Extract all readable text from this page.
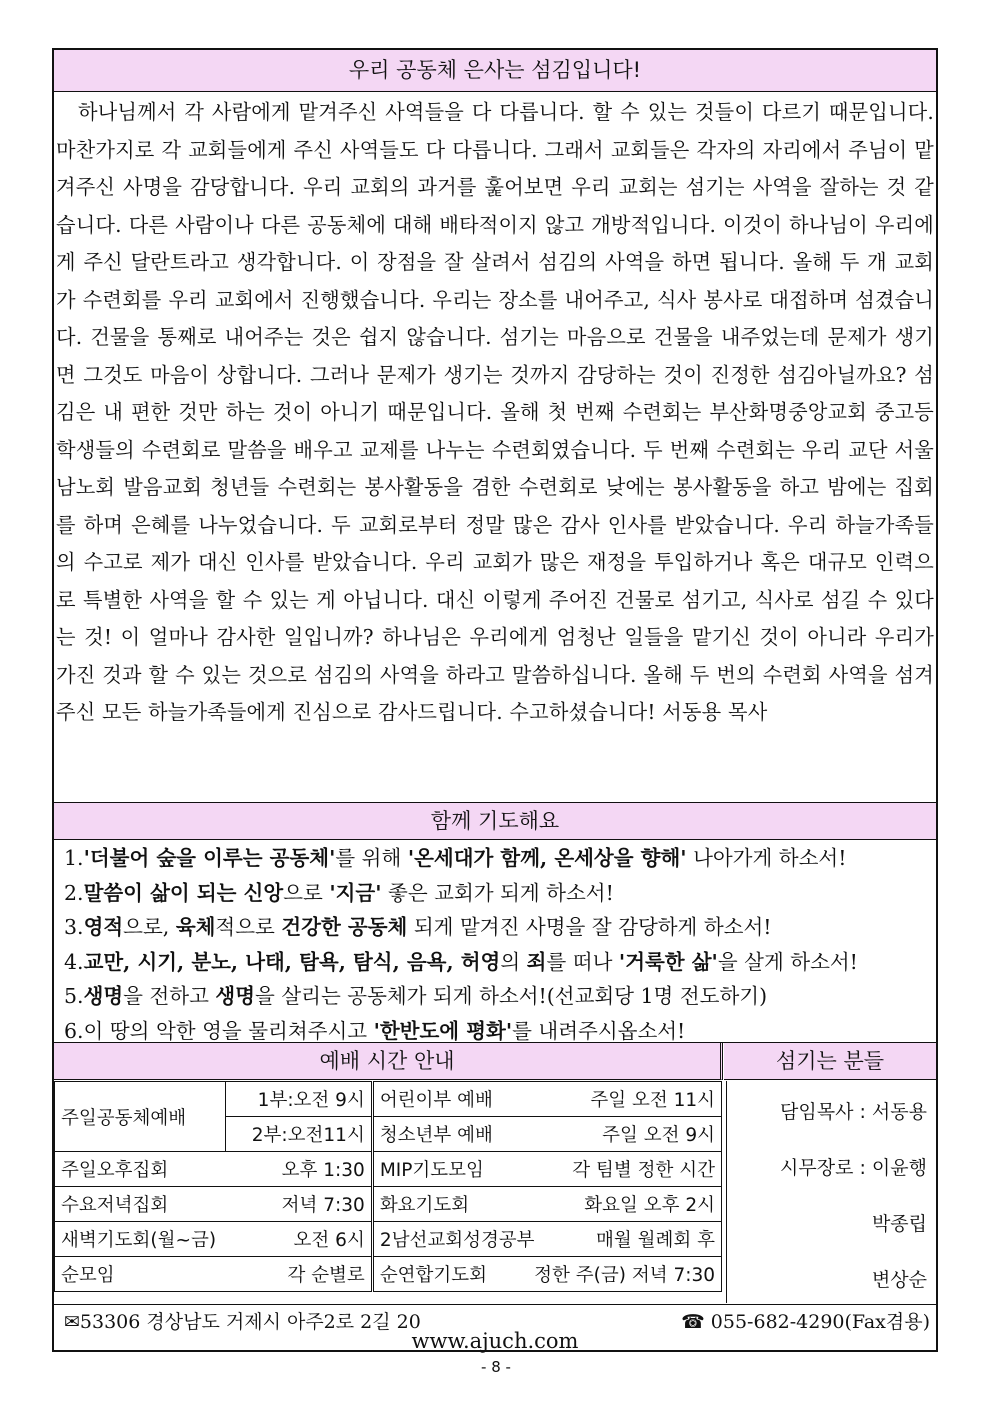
우리 공동체 은사는 섬김입니다!

하나님께서 각 사람에게 맡겨주신 사역들을 다 다릅니다. 할 수 있는 것들이 다르기 때문입니다. 마찬가지로 각 교회들에게 주신 사역들도 다 다릅니다. 그래서 교회들은 각자의 자리에서 주님이 맡겨주신 사명을 감당합니다. 우리 교회의 과거를 훑어보면 우리 교회는 섬기는 사역을 잘하는 것 같습니다. 다른 사람이나 다른 공동체에 대해 배타적이지 않고 개방적입니다. 이것이 하나님이 우리에게 주신 달란트라고 생각합니다. 이 장점을 잘 살려서 섬김의 사역을 하면 됩니다. 올해 두 개 교회가 수련회를 우리 교회에서 진행했습니다. 우리는 장소를 내어주고, 식사 봉사로 대접하며 섬겼습니다. 건물을 통째로 내어주는 것은 쉽지 않습니다. 섬기는 마음으로 건물을 내주었는데 문제가 생기면 그것도 마음이 상합니다. 그러나 문제가 생기는 것까지 감당하는 것이 진정한 섬김아닐까요? 섬김은 내 편한 것만 하는 것이 아니기 때문입니다. 올해 첫 번째 수련회는 부산화명중앙교회 중고등학생들의 수련회로 말씀을 배우고 교제를 나누는 수련회였습니다. 두 번째 수련회는 우리 교단 서울남노회 발음교회 청년들 수련회는 봉사활동을 겸한 수련회로 낮에는 봉사활동을 하고 밤에는 집회를 하며 은혜를 나누었습니다. 두 교회로부터 정말 많은 감사 인사를 받았습니다. 우리 하늘가족들의 수고로 제가 대신 인사를 받았습니다. 우리 교회가 많은 재정을 투입하거나 혹은 대규모 인력으로 특별한 사역을 할 수 있는 게 아닙니다. 대신 이렇게 주어진 건물로 섬기고, 식사로 섬길 수 있다는 것! 이 얼마나 감사한 일입니까? 하나님은 우리에게 엄청난 일들을 맡기신 것이 아니라 우리가 가진 것과 할 수 있는 것으로 섬김의 사역을 하라고 말씀하십니다. 올해 두 번의 수련회 사역을 섬겨주신 모든 하늘가족들에게 진심으로 감사드립니다. 수고하셨습니다! 서동용 목사

함께 기도해요
1.'더불어 숲을 이루는 공동체'를 위해 '온세대가 함께, 온세상을 향해' 나아가게 하소서!
2.말씀이 삶이 되는 신앙으로 '지금' 좋은 교회가 되게 하소서!
3.영적으로, 육체적으로 건강한 공동체 되게 맡겨진 사명을 잘 감당하게 하소서!
4.교만, 시기, 분노, 나태, 탐욕, 탐식, 음욕, 허영의 죄를 떠나 '거룩한 삶'을 살게 하소서!
5.생명을 전하고 생명을 살리는 공동체가 되게 하소서!(선교회당 1명 전도하기)
6.이 땅의 악한 영을 물리쳐주시고 '한반도에 평화'를 내려주시옵소서!
예배 시간 안내	섬기는 분들
주일공동체예배	1부:오전 9시	어린이부 예배 주일 오전 11시

	2부:오전11시	청소년부 예배 주일 오전 9시

주일오후집회 오후 1:30		MIP기도모임 각 팀별 정한 시간

수요저녁집회 저녁 7:30		화요기도회 화요일 오후 2시

새벽기도회(월~금) 오전 6시		2남선교회성경공부 매월 월례회 후

순모임 각 순별로		순연합기도회 정한 주(금) 저녁 7:30
담임목사 : 서동용
시무장로 : 이윤행
박종립
변상순
✉53306 경상남도 거제시 아주2로 2길 20	☎ 055-682-4290(Fax겸용)
www.ajuch.com
- 8 -
